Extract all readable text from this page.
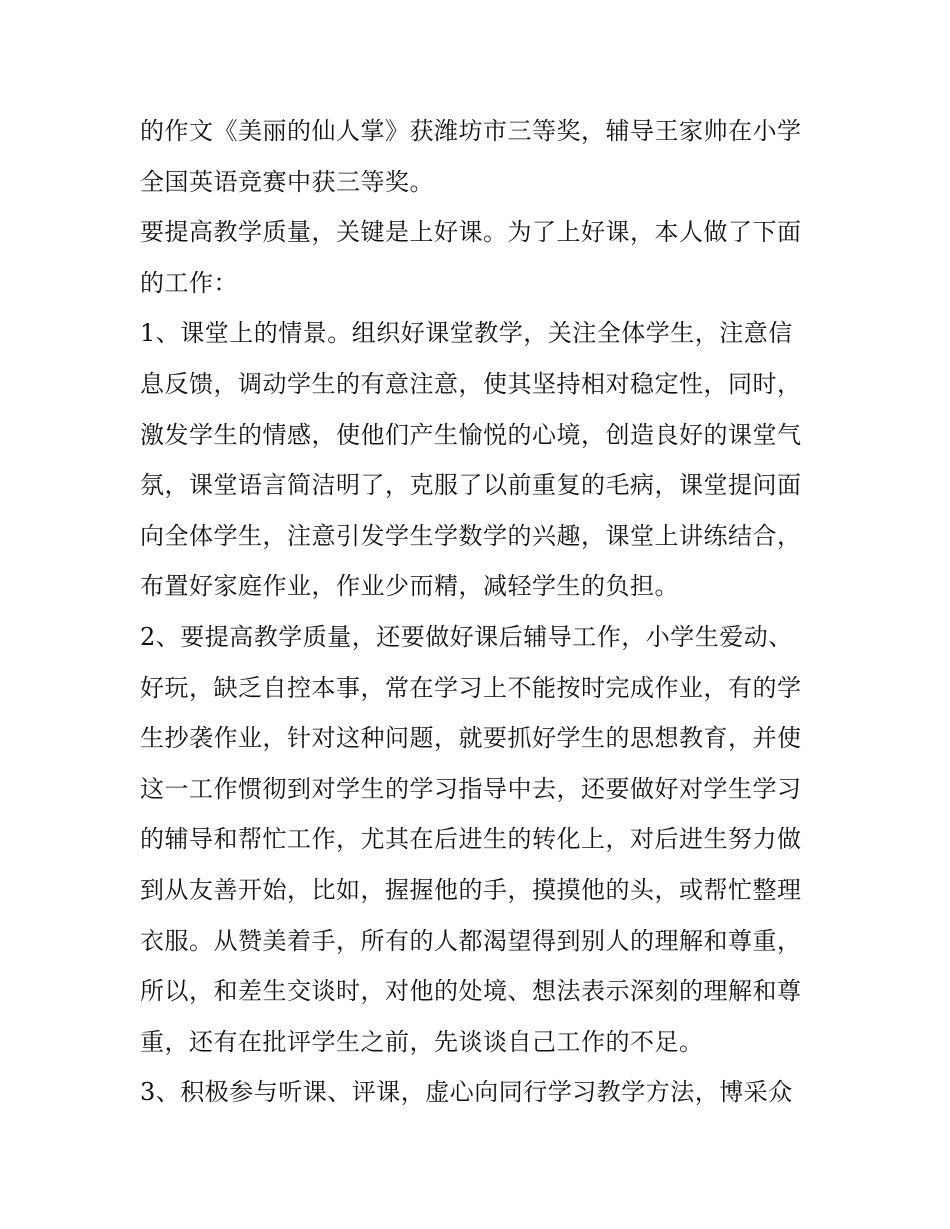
的作文《美丽的仙人掌》获潍坊市三等奖，辅导王家帅在小学
全国英语竞赛中获三等奖。
要提高教学质量，关键是上好课。为了上好课，本人做了下面
的工作：
1、课堂上的情景。组织好课堂教学，关注全体学生，注意信
息反馈，调动学生的有意注意，使其坚持相对稳定性，同时，
激发学生的情感，使他们产生愉悦的心境，创造良好的课堂气
氛，课堂语言简洁明了，克服了以前重复的毛病，课堂提问面
向全体学生，注意引发学生学数学的兴趣，课堂上讲练结合，
布置好家庭作业，作业少而精，减轻学生的负担。
2、要提高教学质量，还要做好课后辅导工作，小学生爱动、
好玩，缺乏自控本事，常在学习上不能按时完成作业，有的学
生抄袭作业，针对这种问题，就要抓好学生的思想教育，并使
这一工作惯彻到对学生的学习指导中去，还要做好对学生学习
的辅导和帮忙工作，尤其在后进生的转化上，对后进生努力做
到从友善开始，比如，握握他的手，摸摸他的头，或帮忙整理
衣服。从赞美着手，所有的人都渴望得到别人的理解和尊重，
所以，和差生交谈时，对他的处境、想法表示深刻的理解和尊
重，还有在批评学生之前，先谈谈自己工作的不足。
3、积极参与听课、评课，虚心向同行学习教学方法，博采众
